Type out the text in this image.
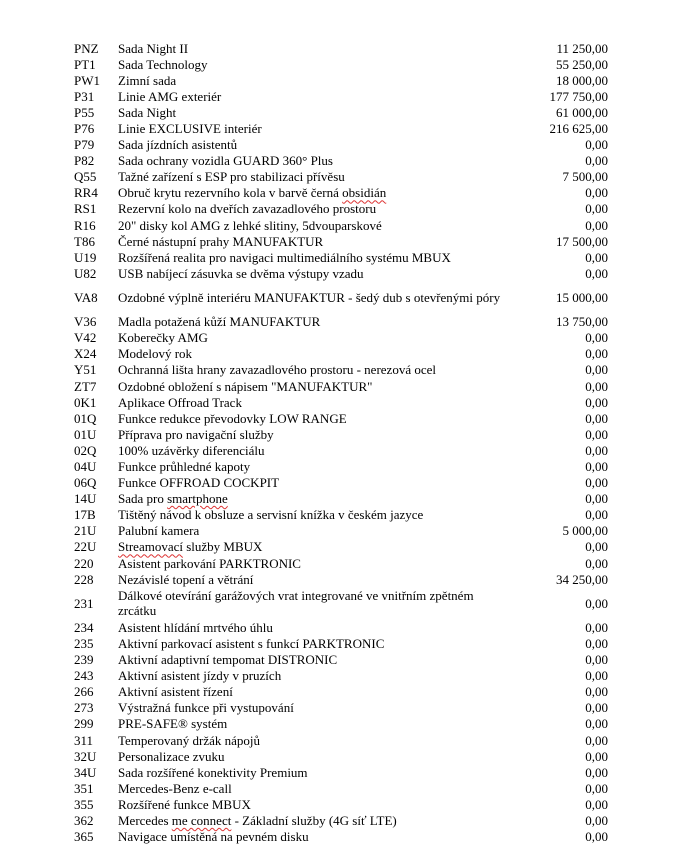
PNZ	Sada Night II	11 250,00
PT1	Sada Technology	55 250,00
PW1	Zimní sada	18 000,00
P31	Linie AMG exteriér	177 750,00
P55	Sada Night	61 000,00
P76	Linie EXCLUSIVE interiér	216 625,00
P79	Sada jízdních asistentů	0,00
P82	Sada ochrany vozidla GUARD 360° Plus	0,00
Q55	Tažné zařízení s ESP pro stabilizaci přívěsu	7 500,00
RR4	Obruč krytu rezervního kola v barvě černá obsidián	0,00
RS1	Rezervní kolo na dveřích zavazadlového prostoru	0,00
R16	20" disky kol AMG z lehké slitiny, 5dvouparskové	0,00
T86	Černé nástupní prahy MANUFAKTUR	17 500,00
U19	Rozšířená realita pro navigaci multimediálního systému MBUX	0,00
U82	USB nabíjecí zásuvka se dvěma výstupy vzadu	0,00
VA8	Ozdobné výplně interiéru MANUFAKTUR - šedý dub s otevřenými póry	15 000,00
V36	Madla potažená kůží MANUFAKTUR	13 750,00
V42	Koberečky AMG	0,00
X24	Modelový rok	0,00
Y51	Ochranná lišta hrany zavazadlového prostoru - nerezová ocel	0,00
ZT7	Ozdobné obložení s nápisem "MANUFAKTUR"	0,00
0K1	Aplikace Offroad Track	0,00
01Q	Funkce redukce převodovky LOW RANGE	0,00
01U	Příprava pro navigační služby	0,00
02Q	100% uzávěrky diferenciálu	0,00
04U	Funkce průhledné kapoty	0,00
06Q	Funkce OFFROAD COCKPIT	0,00
14U	Sada pro smartphone	0,00
17B	Tištěný návod k obsluze a servisní knížka v českém jazyce	0,00
21U	Palubní kamera	5 000,00
22U	Streamovací služby MBUX	0,00
220	Asistent parkování PARKTRONIC	0,00
228	Nezávislé topení a větrání	34 250,00
231	Dálkové otevírání garážových vrat integrované ve vnitřním zpětném zrcátku	0,00
234	Asistent hlídání mrtvého úhlu	0,00
235	Aktivní parkovací asistent s funkcí PARKTRONIC	0,00
239	Aktivní adaptivní tempomat DISTRONIC	0,00
243	Aktivní asistent jízdy v pruzích	0,00
266	Aktivní asistent řízení	0,00
273	Výstražná funkce při vystupování	0,00
299	PRE-SAFE® systém	0,00
311	Temperovaný držák nápojů	0,00
32U	Personalizace zvuku	0,00
34U	Sada rozšířené konektivity Premium	0,00
351	Mercedes-Benz e-call	0,00
355	Rozšířené funkce MBUX	0,00
362	Mercedes me connect - Základní služby (4G síť LTE)	0,00
365	Navigace umístěná na pevném disku	0,00
